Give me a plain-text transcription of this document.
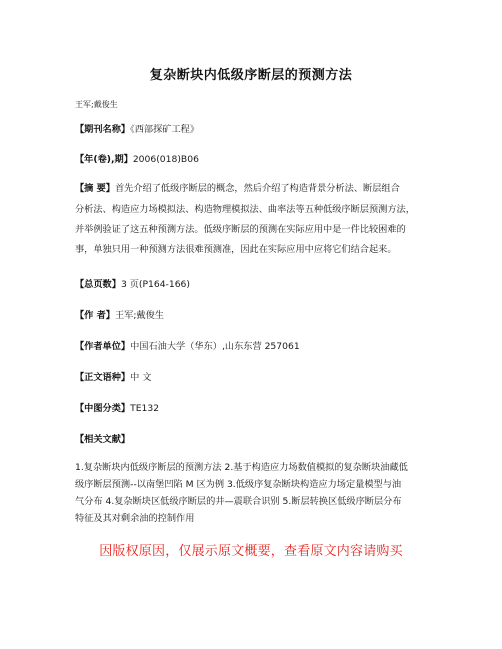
复杂断块内低级序断层的预测方法
王军;戴俊生
【期刊名称】《西部探矿工程》
【年(卷),期】2006(018)B06
【摘 要】首先介绍了低级序断层的概念，然后介绍了构造背景分析法、断层组合
分析法、构造应力场模拟法、构造物理模拟法、曲率法等五种低级序断层预测方法，
并举例验证了这五种预测方法。低级序断层的预测在实际应用中是一件比较困难的
事，单独只用一种预测方法很难预测准，因此在实际应用中应将它们结合起来。
【总页数】3 页(P164-166)
【作 者】王军;戴俊生
【作者单位】中国石油大学（华东）,山东东营 257061
【正文语种】中 文
【中图分类】TE132
【相关文献】
1.复杂断块内低级序断层的预测方法 2.基于构造应力场数值模拟的复杂断块油藏低
级序断层预测--以南堡凹陷 M 区为例 3.低级序复杂断块构造应力场定量模型与油
气分布 4.复杂断块区低级序断层的井—震联合识别 5.断层转换区低级序断层分布
特征及其对剩余油的控制作用
因版权原因，仅展示原文概要，查看原文内容请购买
